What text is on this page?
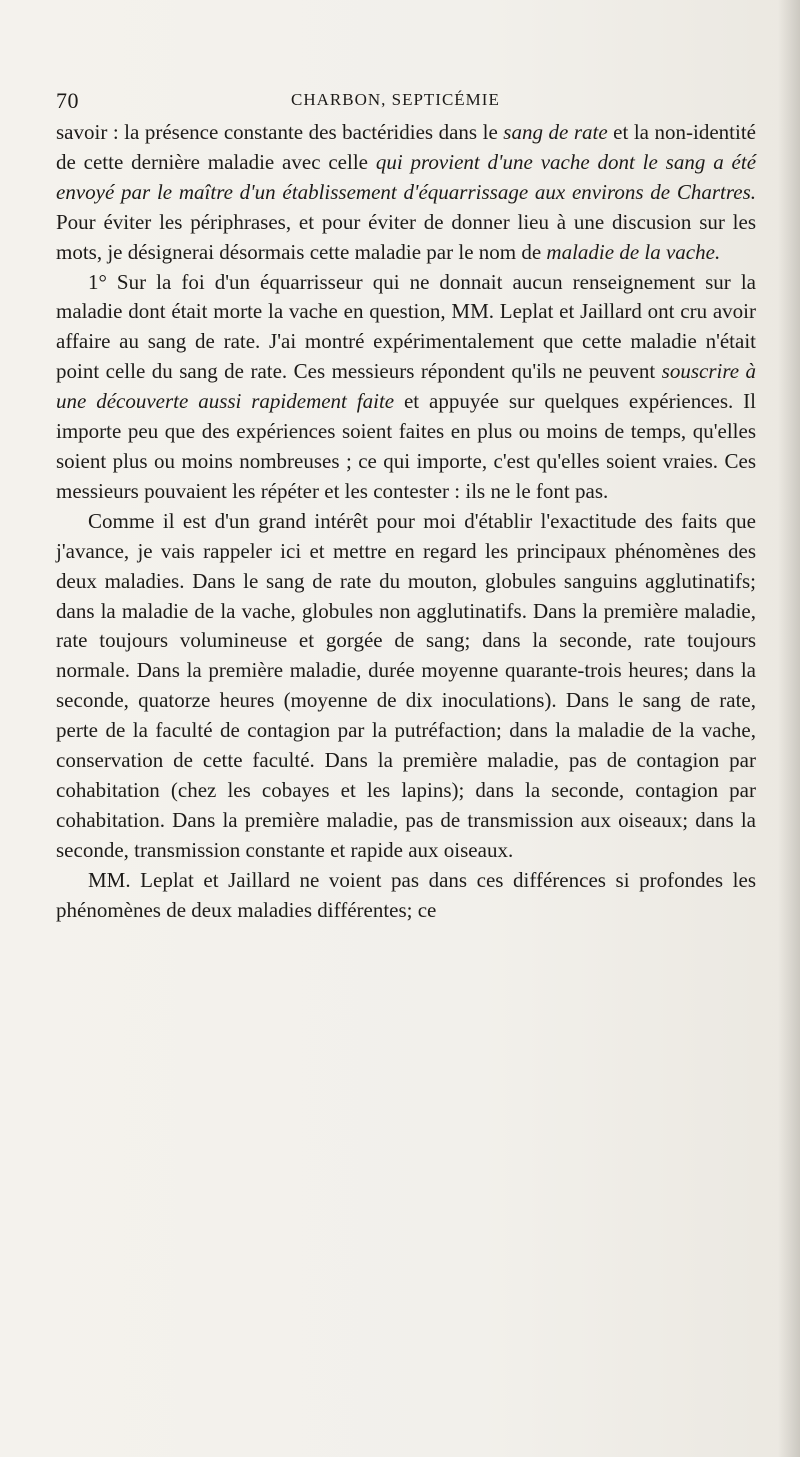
70	CHARBON, SEPTICÉMIE

savoir : la présence constante des bactéridies dans le sang de rate et la non-identité de cette dernière maladie avec celle qui provient d'une vache dont le sang a été envoyé par le maître d'un établissement d'équarrissage aux environs de Chartres. Pour éviter les périphrases, et pour éviter de donner lieu à une discusion sur les mots, je désignerai désormais cette maladie par le nom de maladie de la vache.

1° Sur la foi d'un équarrisseur qui ne donnait aucun renseignement sur la maladie dont était morte la vache en question, MM. Leplat et Jaillard ont cru avoir affaire au sang de rate. J'ai montré expérimentalement que cette maladie n'était point celle du sang de rate. Ces messieurs répondent qu'ils ne peuvent souscrire à une découverte aussi rapidement faite et appuyée sur quelques expériences. Il importe peu que des expériences soient faites en plus ou moins de temps, qu'elles soient plus ou moins nombreuses ; ce qui importe, c'est qu'elles soient vraies. Ces messieurs pouvaient les répéter et les contester : ils ne le font pas.

Comme il est d'un grand intérêt pour moi d'établir l'exactitude des faits que j'avance, je vais rappeler ici et mettre en regard les principaux phénomènes des deux maladies. Dans le sang de rate du mouton, globules sanguins agglutinatifs; dans la maladie de la vache, globules non agglutinatifs. Dans la première maladie, rate toujours volumineuse et gorgée de sang; dans la seconde, rate toujours normale. Dans la première maladie, durée moyenne quarante-trois heures; dans la seconde, quatorze heures (moyenne de dix inoculations). Dans le sang de rate, perte de la faculté de contagion par la putréfaction; dans la maladie de la vache, conservation de cette faculté. Dans la première maladie, pas de contagion par cohabitation (chez les cobayes et les lapins); dans la seconde, contagion par cohabitation. Dans la première maladie, pas de transmission aux oiseaux; dans la seconde, transmission constante et rapide aux oiseaux.

MM. Leplat et Jaillard ne voient pas dans ces différences si profondes les phénomènes de deux maladies différentes; ce
